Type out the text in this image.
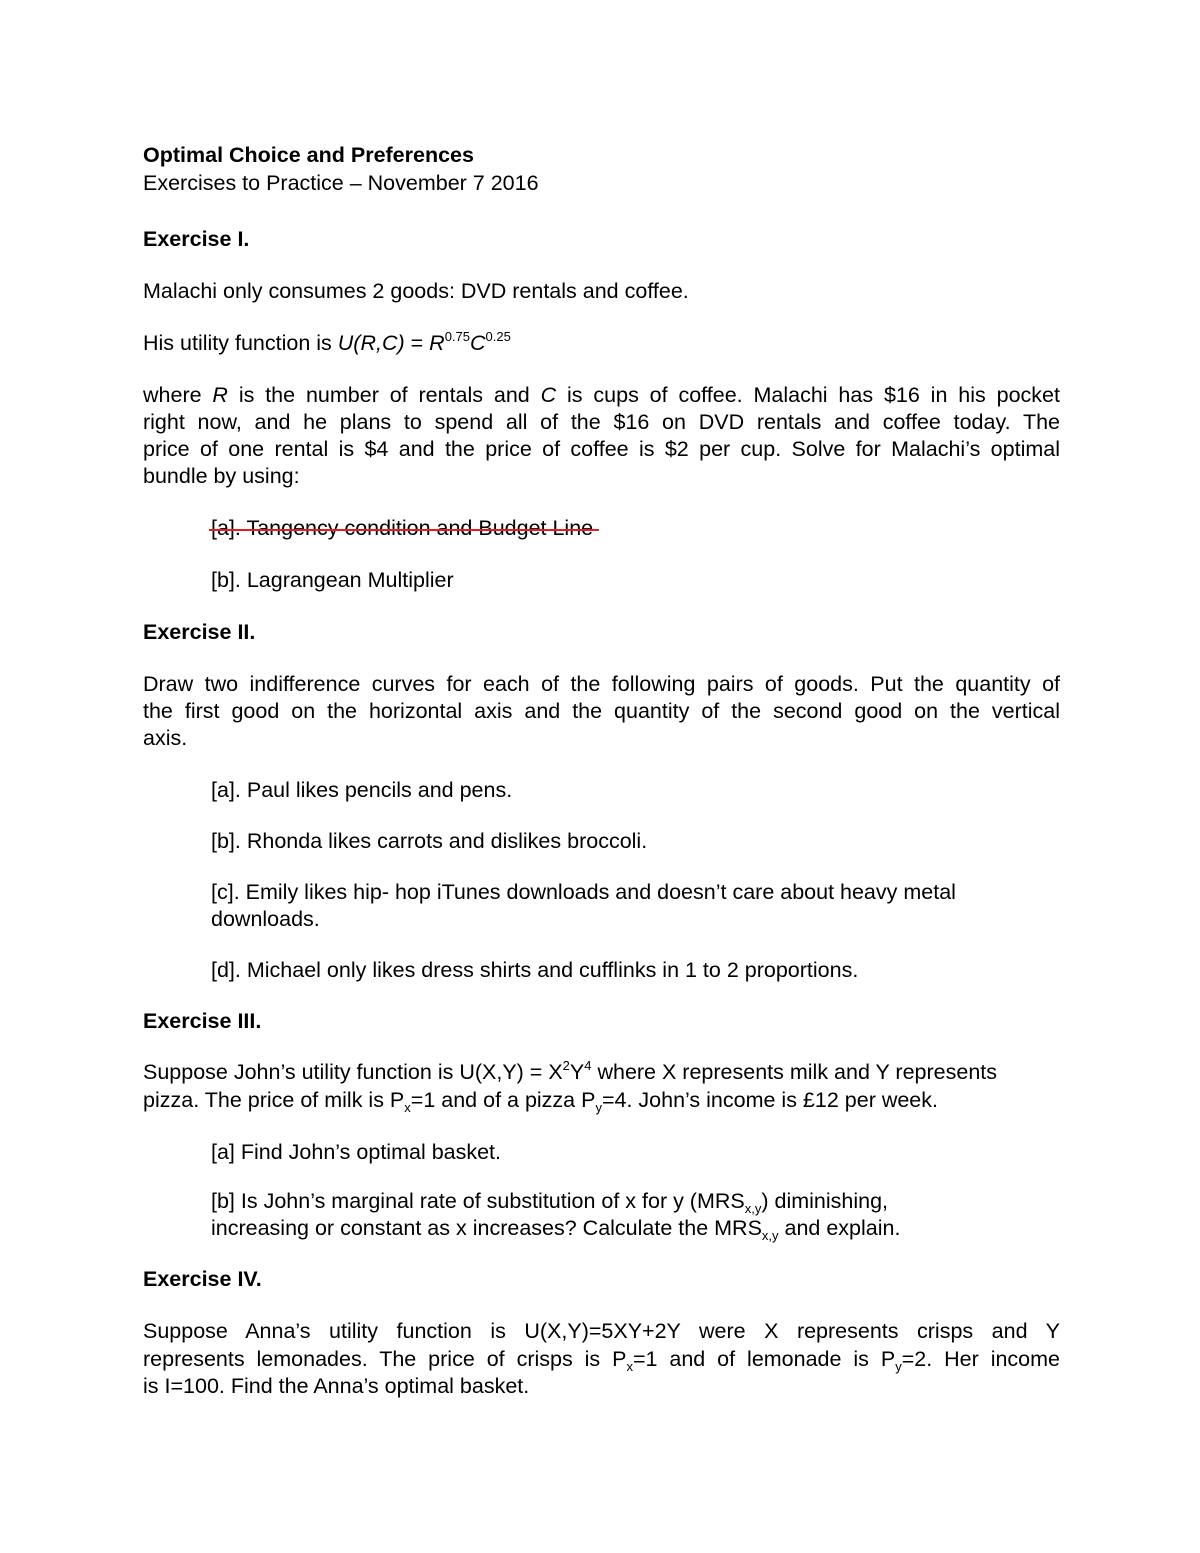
Optimal Choice and Preferences
Exercises to Practice – November 7 2016
Exercise I.
Malachi only consumes 2 goods: DVD rentals and coffee.
His utility function is $U(R,C) = R^{0.75}C^{0.25}$
where R is the number of rentals and C is cups of coffee. Malachi has $16 in his pocket
right now, and he plans to spend all of the $16 on DVD rentals and coffee today. The
price of one rental is $4 and the price of coffee is $2 per cup. Solve for Malachi’s optimal
bundle by using:
[a]. Tangency condition and Budget Line
[b]. Lagrangean Multiplier
Exercise II.
Draw two indifference curves for each of the following pairs of goods. Put the quantity of
the first good on the horizontal axis and the quantity of the second good on the vertical
axis.
[a]. Paul likes pencils and pens.
[b]. Rhonda likes carrots and dislikes broccoli.
[c]. Emily likes hip- hop iTunes downloads and doesn’t care about heavy metal
downloads.
[d]. Michael only likes dress shirts and cufflinks in 1 to 2 proportions.
Exercise III.
Suppose John’s utility function is $U(X,Y) = X^2Y^4$ where X represents milk and Y represents
pizza. The price of milk is $P_x=1$ and of a pizza $P_y=4$. John’s income is £12 per week.
[a] Find John’s optimal basket.
[b] Is John’s marginal rate of substitution of x for y $(MRS_{x,y})$ diminishing,
increasing or constant as x increases? Calculate the $MRS_{x,y}$ and explain.
Exercise IV.
Suppose Anna’s utility function is U(X,Y)=5XY+2Y were X represents crisps and Y
represents lemonades. The price of crisps is $P_x=1$ and of lemonade is $P_y=2$. Her income
is I=100. Find the Anna’s optimal basket.
